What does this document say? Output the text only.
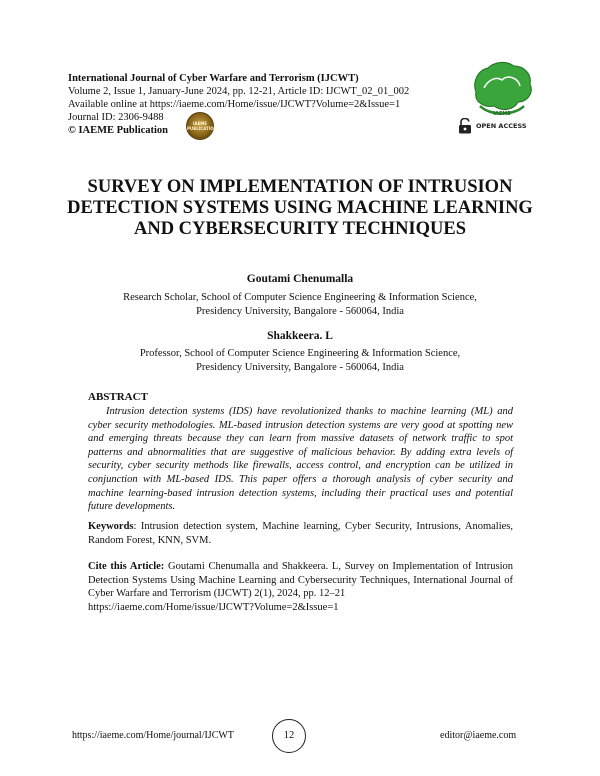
International Journal of Cyber Warfare and Terrorism (IJCWT)
Volume 2, Issue 1, January-June 2024, pp. 12-21, Article ID: IJCWT_02_01_002
Available online at https://iaeme.com/Home/issue/IJCWT?Volume=2&Issue=1
Journal ID: 2306-9488
© IAEME Publication
IAEME PUBLICATION
IAEME
OPEN ACCESS
SURVEY ON IMPLEMENTATION OF INTRUSION DETECTION SYSTEMS USING MACHINE LEARNING AND CYBERSECURITY TECHNIQUES
Goutami Chenumalla
Research Scholar, School of Computer Science Engineering & Information Science,
Presidency University, Bangalore - 560064, India
Shakkeera. L
Professor, School of Computer Science Engineering & Information Science,
Presidency University, Bangalore - 560064, India
ABSTRACT
Intrusion detection systems (IDS) have revolutionized thanks to machine learning (ML) and cyber security methodologies. ML-based intrusion detection systems are very good at spotting new and emerging threats because they can learn from massive datasets of network traffic to spot patterns and abnormalities that are suggestive of malicious behavior. By adding extra levels of security, cyber security methods like firewalls, access control, and encryption can be utilized in conjunction with ML-based IDS. This paper offers a thorough analysis of cyber security and machine learning-based intrusion detection systems, including their practical uses and potential future developments.
Keywords: Intrusion detection system, Machine learning, Cyber Security, Intrusions, Anomalies, Random Forest, KNN, SVM.
Cite this Article: Goutami Chenumalla and Shakkeera. L, Survey on Implementation of Intrusion Detection Systems Using Machine Learning and Cybersecurity Techniques, International Journal of Cyber Warfare and Terrorism (IJCWT) 2(1), 2024, pp. 12–21
https://iaeme.com/Home/issue/IJCWT?Volume=2&Issue=1
https://iaeme.com/Home/journal/IJCWT	12	editor@iaeme.com
